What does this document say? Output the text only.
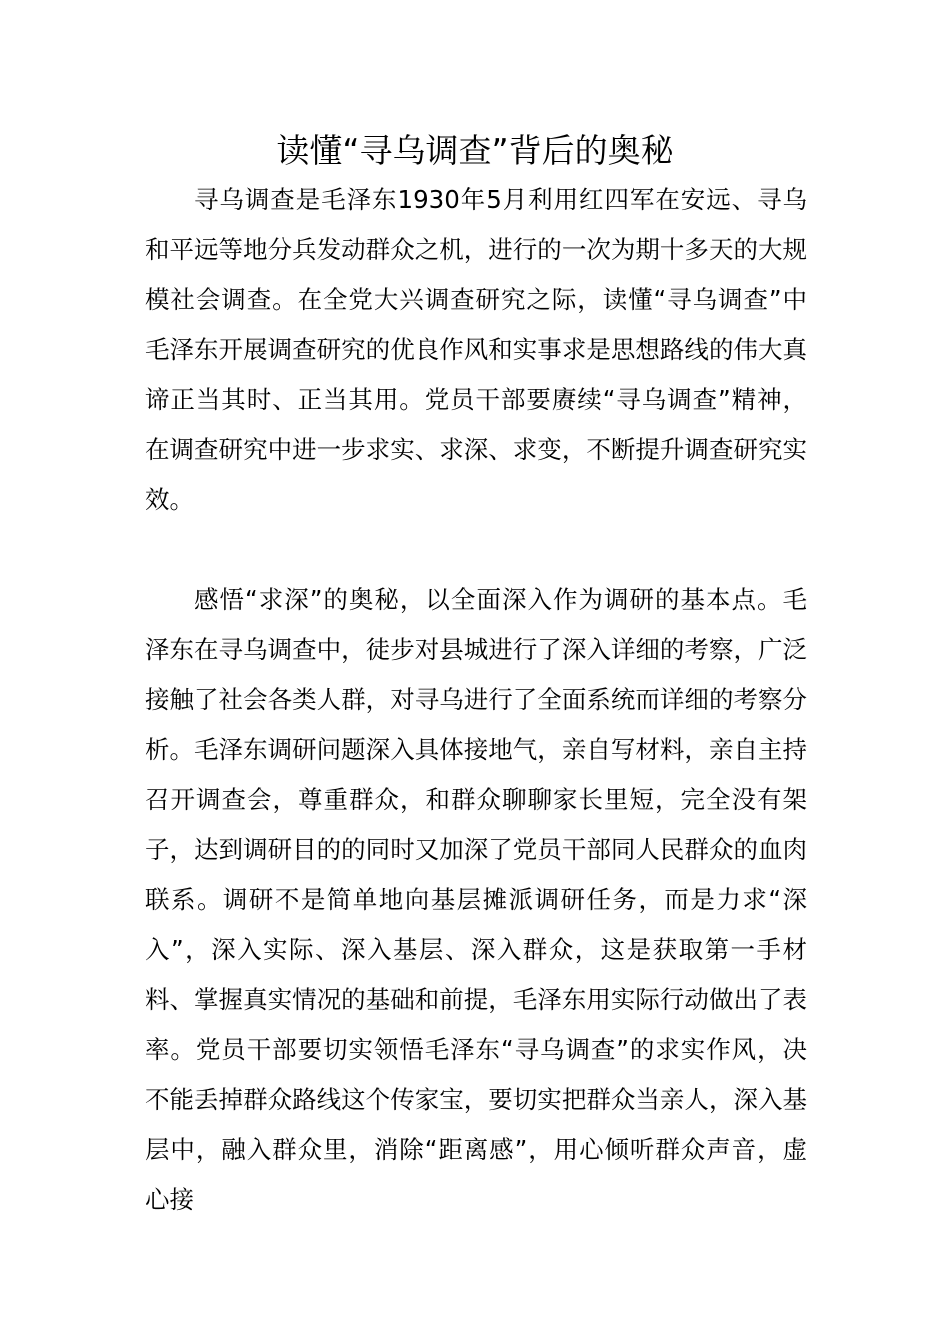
读懂“寻乌调查”背后的奥秘

寻乌调查是毛泽东1930年5月利用红四军在安远、寻乌和平远等地分兵发动群众之机，进行的一次为期十多天的大规模社会调查。在全党大兴调查研究之际，读懂“寻乌调查”中毛泽东开展调查研究的优良作风和实事求是思想路线的伟大真谛正当其时、正当其用。党员干部要赓续“寻乌调查”精神，在调查研究中进一步求实、求深、求变，不断提升调查研究实效。

感悟“求深”的奥秘，以全面深入作为调研的基本点。毛泽东在寻乌调查中，徒步对县城进行了深入详细的考察，广泛接触了社会各类人群，对寻乌进行了全面系统而详细的考察分析。毛泽东调研问题深入具体接地气，亲自写材料，亲自主持召开调查会，尊重群众，和群众聊聊家长里短，完全没有架子，达到调研目的的同时又加深了党员干部同人民群众的血肉联系。调研不是简单地向基层摊派调研任务，而是力求“深入”，深入实际、深入基层、深入群众，这是获取第一手材料、掌握真实情况的基础和前提，毛泽东用实际行动做出了表率。党员干部要切实领悟毛泽东“寻乌调查”的求实作风，决不能丢掉群众路线这个传家宝，要切实把群众当亲人，深入基层中，融入群众里，消除“距离感”，用心倾听群众声音，虚心接
